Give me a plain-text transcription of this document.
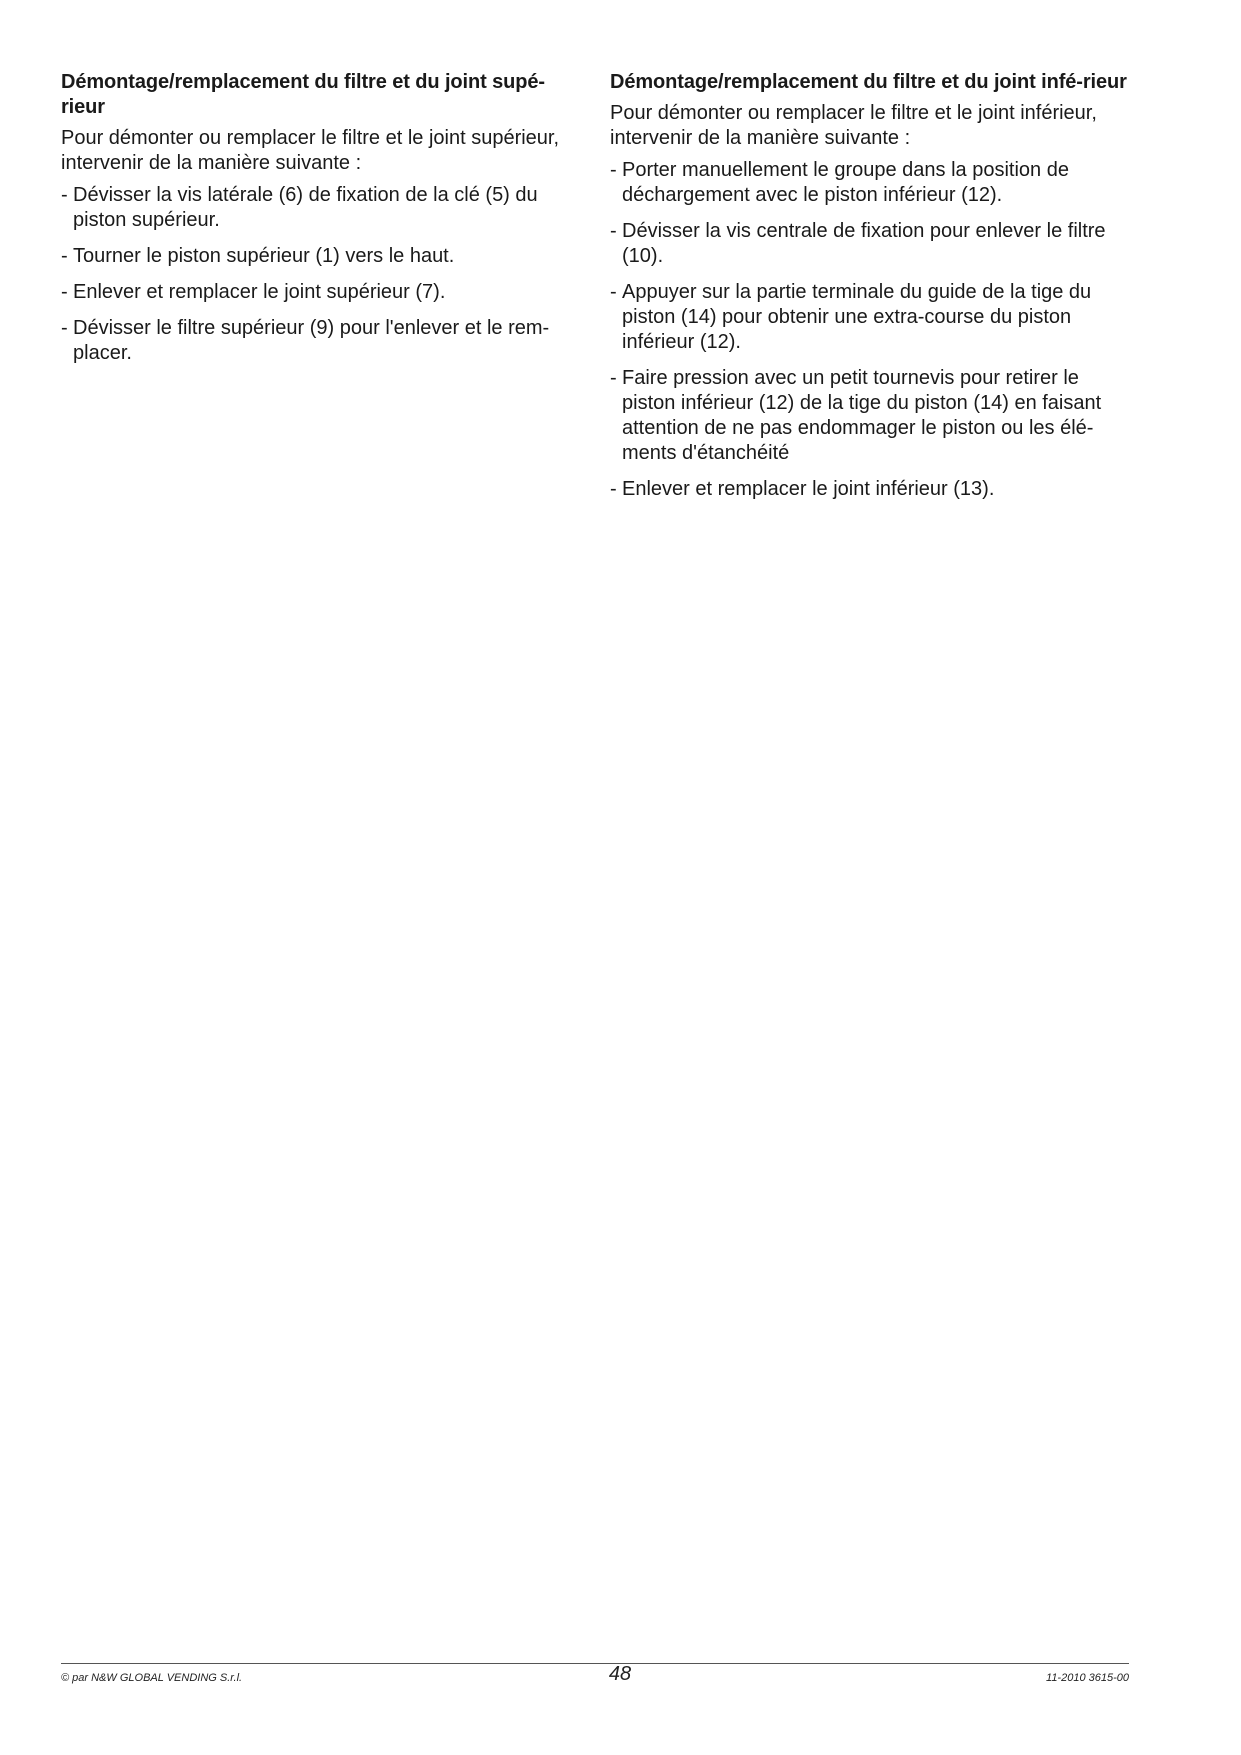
Démontage/remplacement du filtre et du joint supé-rieur

Pour démonter ou remplacer le filtre et le joint supérieur, intervenir de la manière suivante :

- Dévisser la vis latérale (6) de fixation de la clé (5) du piston supérieur.
- Tourner le piston supérieur (1) vers le haut.
- Enlever et remplacer le joint supérieur (7).
- Dévisser le filtre supérieur (9) pour l'enlever et le rem-placer.
Démontage/remplacement du filtre et du joint infé-rieur

Pour démonter ou remplacer le filtre et le joint inférieur, intervenir de la manière suivante :

- Porter manuellement le groupe dans la position de déchargement avec le piston inférieur (12).
- Dévisser la vis centrale de fixation pour enlever le filtre (10).
- Appuyer sur la partie terminale du guide de la tige du piston (14) pour obtenir une extra-course du piston inférieur (12).
- Faire pression avec un petit tournevis pour retirer le piston inférieur (12) de la tige du piston (14) en faisant attention de ne pas endommager le piston ou les élé-ments d'étanchéité
- Enlever et remplacer le joint inférieur (13).
© par N&W GLOBAL VENDING S.r.l.	48	11-2010 3615-00
